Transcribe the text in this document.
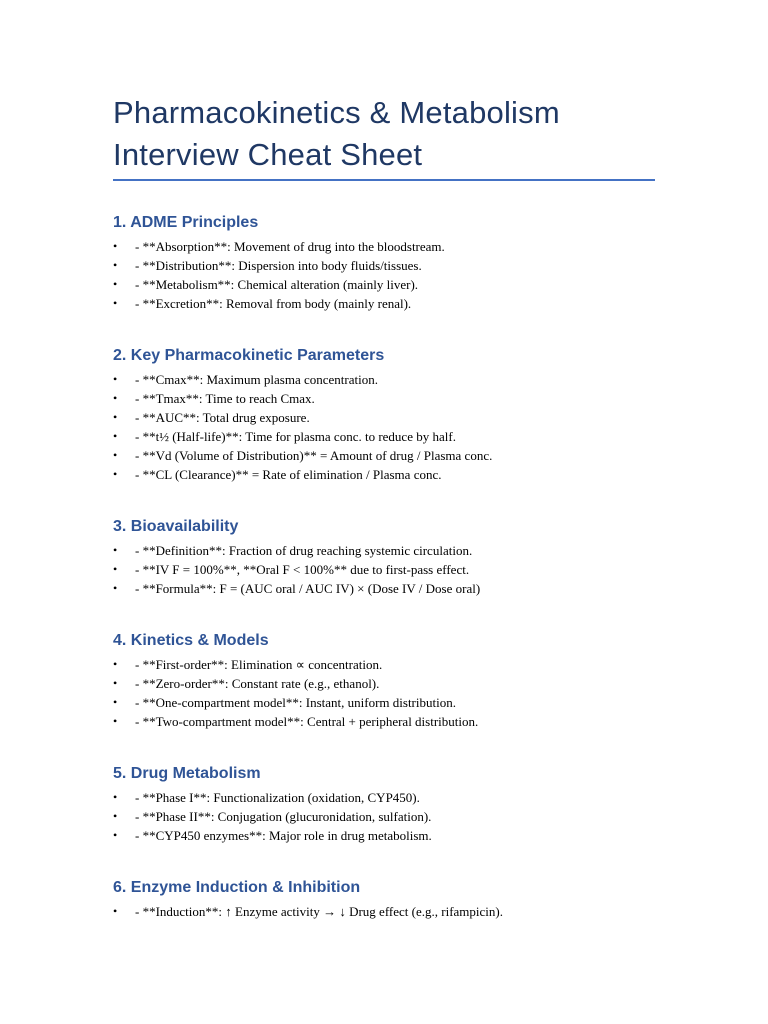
Pharmacokinetics & Metabolism
Interview Cheat Sheet
1. ADME Principles
• - **Absorption**: Movement of drug into the bloodstream.
• - **Distribution**: Dispersion into body fluids/tissues.
• - **Metabolism**: Chemical alteration (mainly liver).
• - **Excretion**: Removal from body (mainly renal).
2. Key Pharmacokinetic Parameters
• - **Cmax**: Maximum plasma concentration.
• - **Tmax**: Time to reach Cmax.
• - **AUC**: Total drug exposure.
• - **t½ (Half-life)**: Time for plasma conc. to reduce by half.
• - **Vd (Volume of Distribution)** = Amount of drug / Plasma conc.
• - **CL (Clearance)** = Rate of elimination / Plasma conc.
3. Bioavailability
• - **Definition**: Fraction of drug reaching systemic circulation.
• - **IV F = 100%**, **Oral F < 100%** due to first-pass effect.
• - **Formula**: F = (AUC oral / AUC IV) × (Dose IV / Dose oral)
4. Kinetics & Models
• - **First-order**: Elimination ∝ concentration.
• - **Zero-order**: Constant rate (e.g., ethanol).
• - **One-compartment model**: Instant, uniform distribution.
• - **Two-compartment model**: Central + peripheral distribution.
5. Drug Metabolism
• - **Phase I**: Functionalization (oxidation, CYP450).
• - **Phase II**: Conjugation (glucuronidation, sulfation).
• - **CYP450 enzymes**: Major role in drug metabolism.
6. Enzyme Induction & Inhibition
• - **Induction**: ↑ Enzyme activity → ↓ Drug effect (e.g., rifampicin).
